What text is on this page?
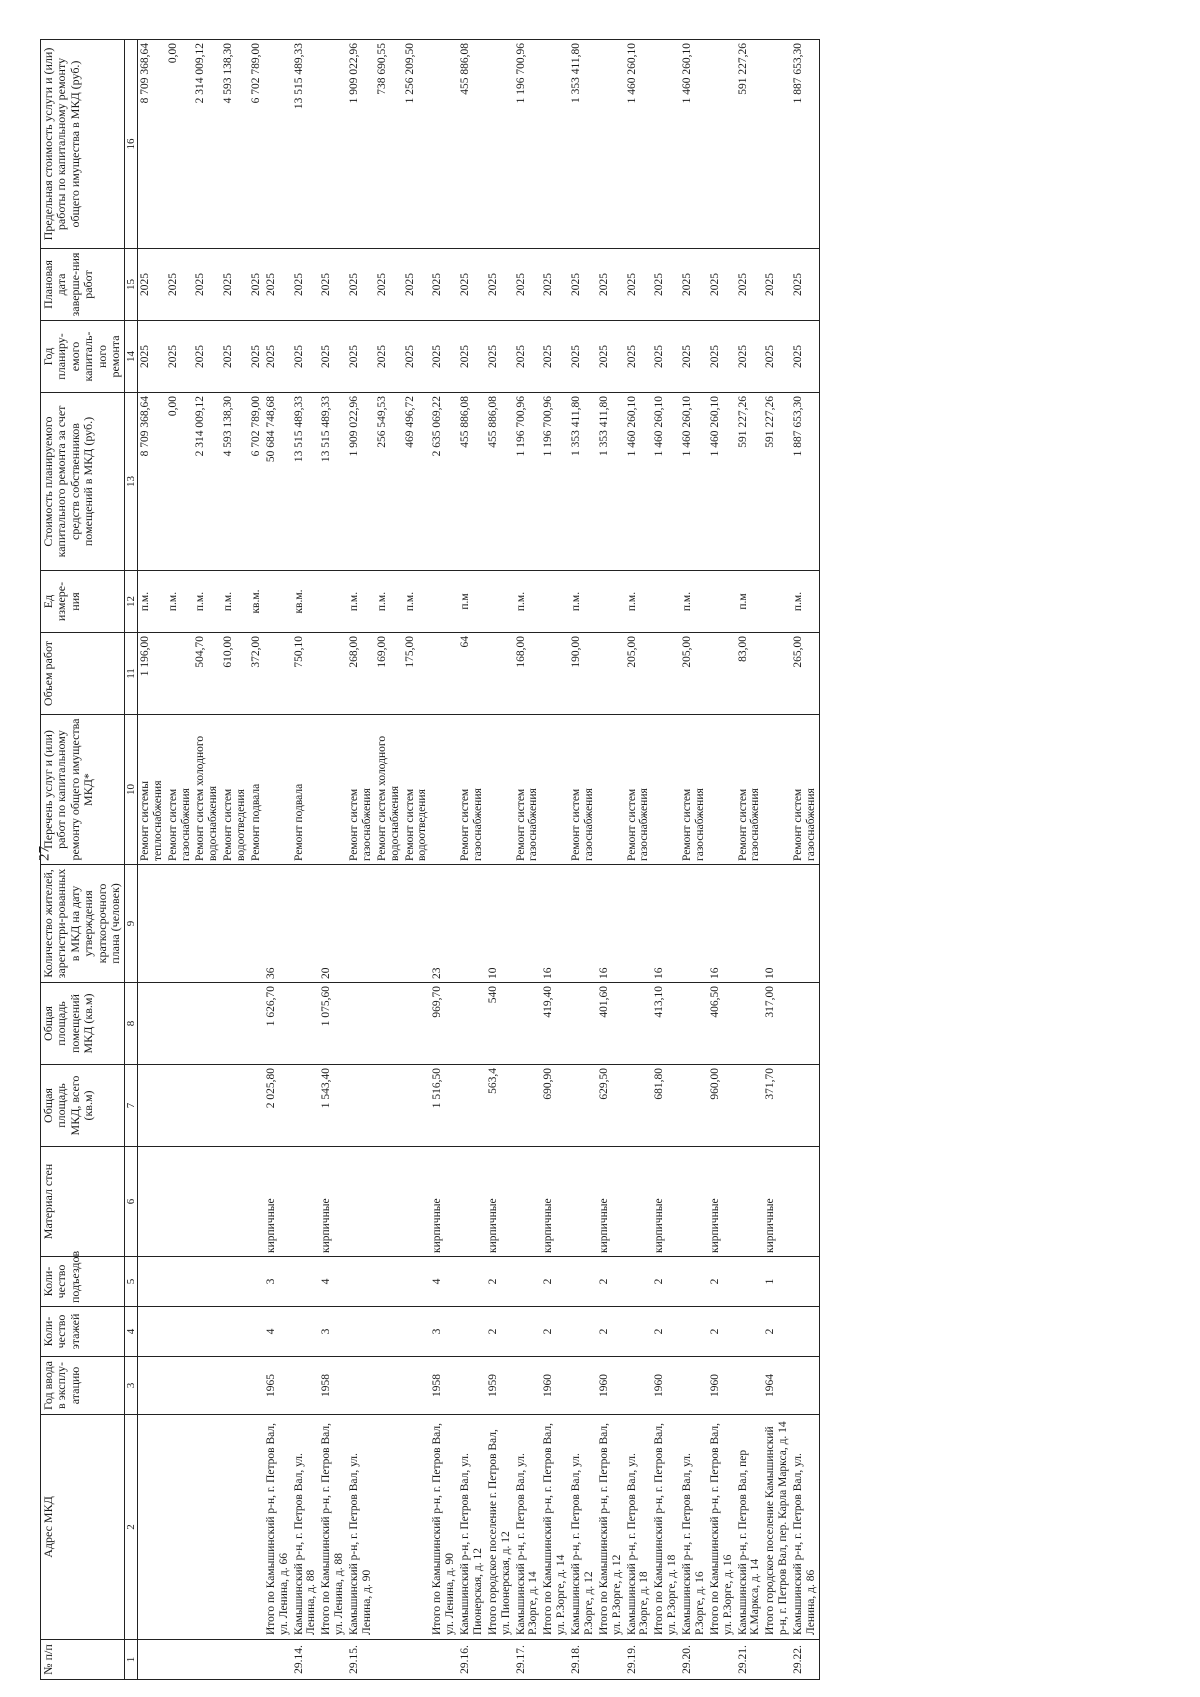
27
№ п/п	Адрес МКД	Год ввода в эксплу-атацию	Коли-чество этажей	Коли-чество подъездов	Материал стен	Общая площадь МКД, всего (кв.м)	Общая площадь помещений МКД (кв.м)	Количество жителей, зарегистри-рованных в МКД на дату утверждения краткосрочного плана (человек)	Перечень услуг и (или) работ по капитальному ремонту общего имущества МКД*	Объем работ	Ед измере-ния	Стоимость планируемого капитального ремонта за счет средств собственников помещений в МКД (руб.)	Год планиру-емого капиталь-ного ремонта	Плановая дата заверше-ния работ	Предельная стоимость услуги и (или) работы по капитальному ремонту общего имущества в МКД (руб.)
1	2	3	4	5	6	7	8	9	10	11	12	13	14	15	16
									Ремонт системы теплоснабжения	1 196,00	п.м.	8 709 368,64	2025	2025	8 709 368,64
									Ремонт систем газоснабжения		п.м.	0,00	2025	2025	0,00
									Ремонт систем холодного водоснабжения	504,70	п.м.	2 314 009,12	2025	2025	2 314 009,12
									Ремонт систем водоотведения	610,00	п.м.	4 593 138,30	2025	2025	4 593 138,30
									Ремонт подвала	372,00	кв.м.	6 702 789,00	2025	2025	6 702 789,00
	Итого по Камышинский р-н, г. Петров Вал, ул. Ленина, д. 66	1965	4	3	кирпичные	2 025,80	1 626,70	36				50 684 748,68	2025	2025	
29.14.	Камышинский р-н, г. Петров Вал, ул. Ленина, д. 88								Ремонт подвала	750,10	кв.м.	13 515 489,33	2025	2025	13 515 489,33
	Итого по Камышинский р-н, г. Петров Вал, ул. Ленина, д. 88	1958	3	4	кирпичные	1 543,40	1 075,60	20				13 515 489,33	2025	2025	
29.15.	Камышинский р-н, г. Петров Вал, ул. Ленина, д. 90								Ремонт систем газоснабжения	268,00	п.м.	1 909 022,96	2025	2025	1 909 022,96
									Ремонт систем холодного водоснабжения	169,00	п.м.	256 549,53	2025	2025	738 690,55
									Ремонт систем водоотведения	175,00	п.м.	469 496,72	2025	2025	1 256 209,50
	Итого по Камышинский р-н, г. Петров Вал, ул. Ленина, д. 90	1958	3	4	кирпичные	1 516,50	969,70	23				2 635 069,22	2025	2025	
29.16.	Камышинский р-н, г. Петров Вал, ул. Пионерская, д. 12								Ремонт систем газоснабжения	64	п.м	455 886,08	2025	2025	455 886,08
	Итого городское поселение г. Петров Вал, ул. Пионерская, д. 12	1959	2	2	кирпичные	563,4	540	10				455 886,08	2025	2025	
29.17.	Камышинский р-н, г. Петров Вал, ул. Р.Зорге, д. 14								Ремонт систем газоснабжения	168,00	п.м.	1 196 700,96	2025	2025	1 196 700,96
	Итого по Камышинский р-н, г. Петров Вал, ул. Р.Зорге, д. 14	1960	2	2	кирпичные	690,90	419,40	16				1 196 700,96	2025	2025	
29.18.	Камышинский р-н, г. Петров Вал, ул. Р.Зорге, д. 12								Ремонт систем газоснабжения	190,00	п.м.	1 353 411,80	2025	2025	1 353 411,80
	Итого по Камышинский р-н, г. Петров Вал, ул. Р.Зорге, д. 12	1960	2	2	кирпичные	629,50	401,60	16				1 353 411,80	2025	2025	
29.19.	Камышинский р-н, г. Петров Вал, ул. Р.Зорге, д. 18								Ремонт систем газоснабжения	205,00	п.м.	1 460 260,10	2025	2025	1 460 260,10
	Итого по Камышинский р-н, г. Петров Вал, ул. Р.Зорге, д. 18	1960	2	2	кирпичные	681,80	413,10	16				1 460 260,10	2025	2025	
29.20.	Камышинский р-н, г. Петров Вал, ул. Р.Зорге, д. 16								Ремонт систем газоснабжения	205,00	п.м.	1 460 260,10	2025	2025	1 460 260,10
	Итого по Камышинский р-н, г. Петров Вал, ул. Р.Зорге, д. 16	1960	2	2	кирпичные	960,00	406,50	16				1 460 260,10	2025	2025	
29.21.	Камышинский р-н, г. Петров Вал, пер К.Маркса, д. 14								Ремонт систем газоснабжения	83,00	п.м	591 227,26	2025	2025	591 227,26
	Итого городское поселение Камышинский р-н, г. Петров Вал, пер. Карла Маркса, д. 14	1964	2	1	кирпичные	371,70	317,00	10				591 227,26	2025	2025	
29.22.	Камышинский р-н, г. Петров Вал, ул. Ленина, д. 86								Ремонт систем газоснабжения	265,00	п.м.	1 887 653,30	2025	2025	1 887 653,30
